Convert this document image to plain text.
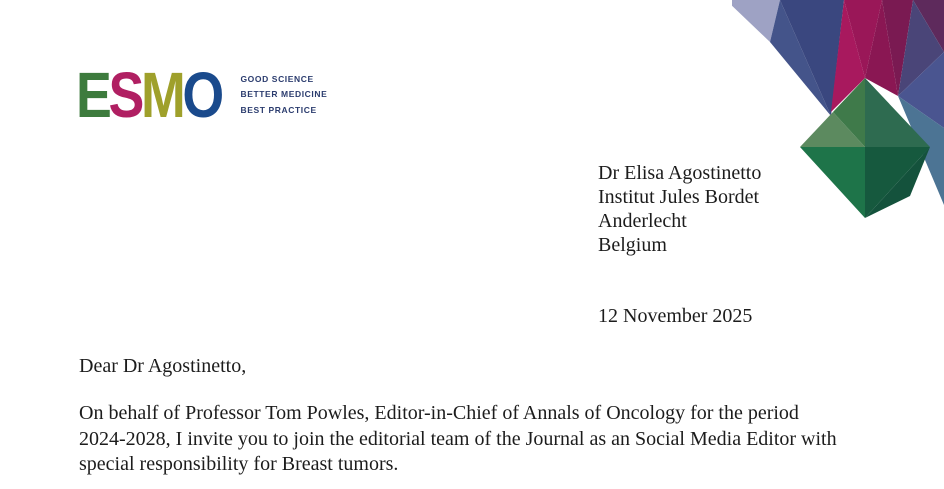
E S M O GOOD SCIENCE
BETTER MEDICINE
BEST PRACTICE
Dr Elisa Agostinetto
Institut Jules Bordet
Anderlecht
Belgium
12 November 2025
Dear Dr Agostinetto,
On behalf of Professor Tom Powles, Editor-in-Chief of Annals of Oncology for the period
2024-2028, I invite you to join the editorial team of the Journal as an Social Media Editor with
special responsibility for Breast tumors.
